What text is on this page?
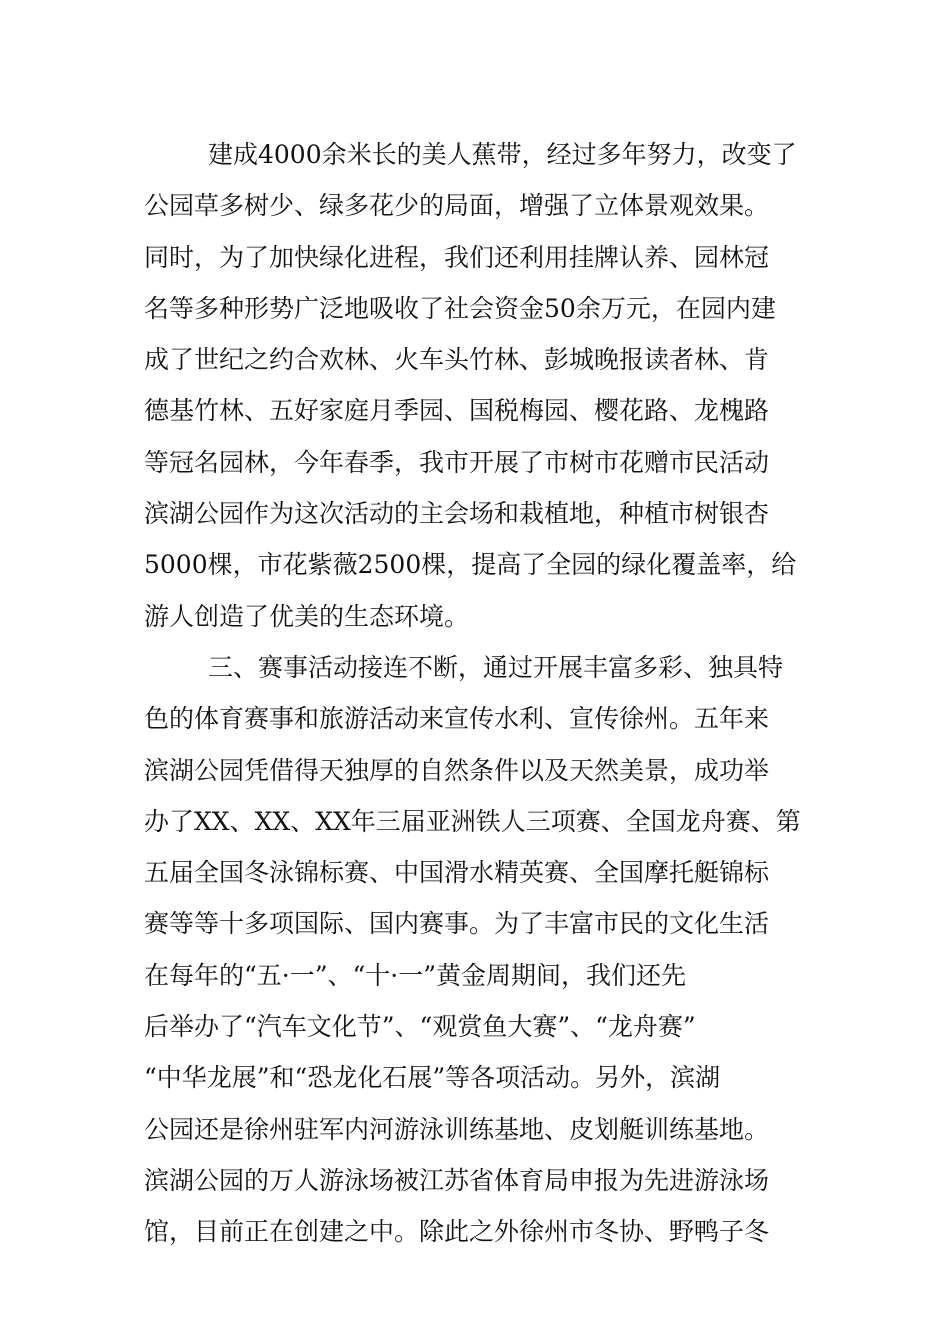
建成4000余米长的美人蕉带，经过多年努力，改变了
公园草多树少、绿多花少的局面，增强了立体景观效果。
同时，为了加快绿化进程，我们还利用挂牌认养、园林冠
名等多种形势广泛地吸收了社会资金50余万元，在园内建
成了世纪之约合欢林、火车头竹林、彭城晚报读者林、肯
德基竹林、五好家庭月季园、国税梅园、樱花路、龙槐路
等冠名园林，今年春季，我市开展了市树市花赠市民活动
滨湖公园作为这次活动的主会场和栽植地，种植市树银杏
5000棵，市花紫薇2500棵，提高了全园的绿化覆盖率，给
游人创造了优美的生态环境。
三、赛事活动接连不断，通过开展丰富多彩、独具特
色的体育赛事和旅游活动来宣传水利、宣传徐州。五年来
滨湖公园凭借得天独厚的自然条件以及天然美景，成功举
办了XX、XX、XX年三届亚洲铁人三项赛、全国龙舟赛、第
五届全国冬泳锦标赛、中国滑水精英赛、全国摩托艇锦标
赛等等十多项国际、国内赛事。为了丰富市民的文化生活
在每年的“五·一”、“十·一”黄金周期间，我们还先
后举办了“汽车文化节”、“观赏鱼大赛”、“龙舟赛”
“中华龙展”和“恐龙化石展”等各项活动。另外，滨湖
公园还是徐州驻军内河游泳训练基地、皮划艇训练基地。
滨湖公园的万人游泳场被江苏省体育局申报为先进游泳场
馆，目前正在创建之中。除此之外徐州市冬协、野鸭子冬
